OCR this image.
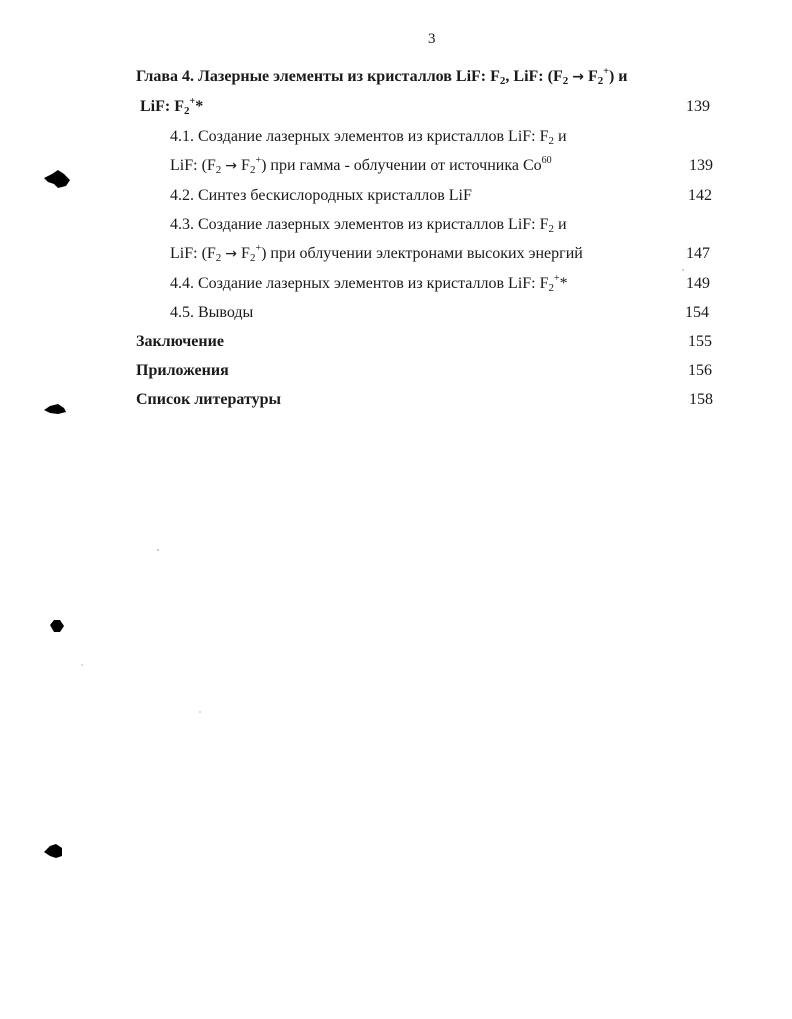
3
Глава 4. Лазерные элементы из кристаллов LiF: $F_2$, LiF: $(F_2 \to F_2^+)$ и
LiF: $F_2^+*$	139
4.1. Создание лазерных элементов из кристаллов LiF: $F_2$ и
LiF: $(F_2 \to F_2^+)$ при гамма - облучении от источника Co$^{60}$	139
4.2. Синтез бескислородных кристаллов LiF	142
4.3. Создание лазерных элементов из кристаллов LiF: $F_2$ и
LiF: $(F_2 \to F_2^+)$ при облучении электронами высоких энергий	147
4.4. Создание лазерных элементов из кристаллов LiF: $F_2^+*$	149
4.5. Выводы	154
Заключение	155
Приложения	156
Список литературы	158
